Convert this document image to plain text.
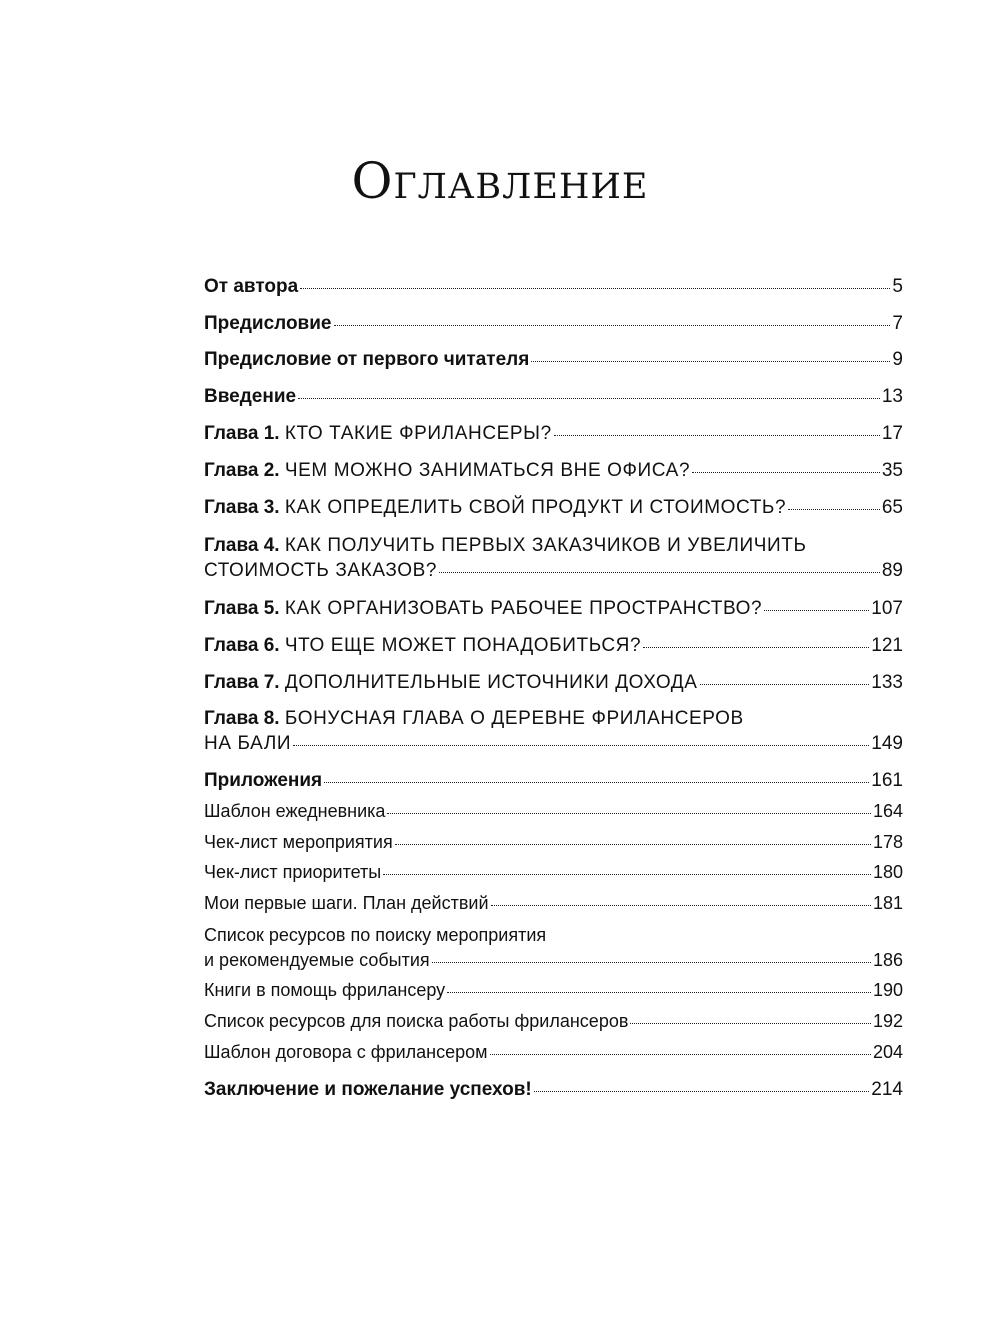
Оглавление
От автора	5
Предисловие	7
Предисловие от первого читателя	9
Введение	13
Глава 1.
КТО ТАКИЕ ФРИЛАНСЕРЫ?	17
Глава 2.
ЧЕМ МОЖНО ЗАНИМАТЬСЯ ВНЕ ОФИСА?	35
Глава 3.
КАК ОПРЕДЕЛИТЬ СВОЙ ПРОДУКТ И СТОИМОСТЬ?	65
Глава 4. КАК ПОЛУЧИТЬ ПЕРВЫХ ЗАКАЗЧИКОВ И УВЕЛИЧИТЬ
СТОИМОСТЬ ЗАКАЗОВ?	89
Глава 5.
КАК ОРГАНИЗОВАТЬ РАБОЧЕЕ ПРОСТРАНСТВО?	107
Глава 6.
ЧТО ЕЩЕ МОЖЕТ ПОНАДОБИТЬСЯ?	121
Глава 7.
ДОПОЛНИТЕЛЬНЫЕ ИСТОЧНИКИ ДОХОДА	133
Глава 8. БОНУСНАЯ ГЛАВА О ДЕРЕВНЕ ФРИЛАНСЕРОВ
НА БАЛИ	149
Приложения	161
Шаблон ежедневника	164
Чек-лист мероприятия	178
Чек-лист приоритеты	180
Мои первые шаги. План действий	181
Список ресурсов по поиску мероприятия
и рекомендуемые события	186
Книги в помощь фрилансеру	190
Список ресурсов для поиска работы фрилансеров	192
Шаблон договора с фрилансером	204
Заключение и пожелание успехов!	214
